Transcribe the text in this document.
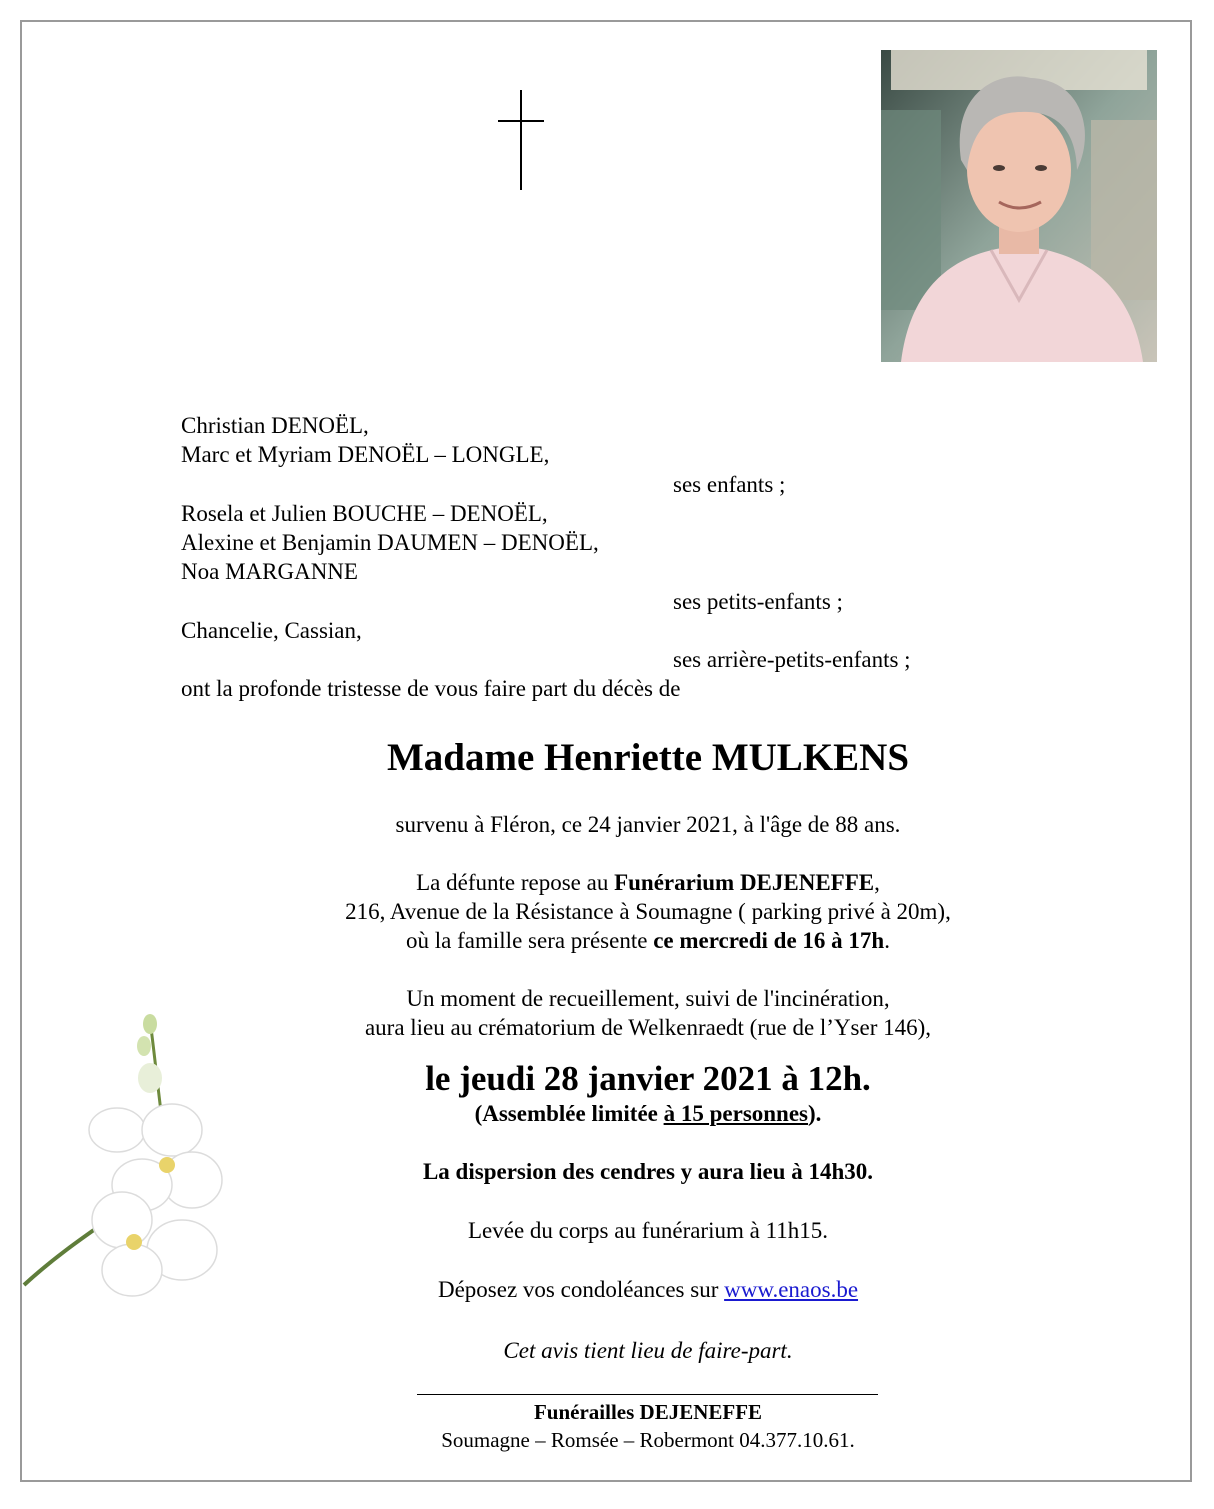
Christian DENOËL,
Marc et Myriam DENOËL – LONGLE,
ses enfants ;
Rosela et Julien BOUCHE – DENOËL,
Alexine et Benjamin DAUMEN – DENOËL,
Noa MARGANNE
ses petits-enfants ;
Chancelie, Cassian,
ses arrière-petits-enfants ;
ont la profonde tristesse de vous faire part du décès de
Madame Henriette MULKENS
survenu à Fléron, ce 24 janvier 2021, à l'âge de 88 ans.
La défunte repose au Funérarium DEJENEFFE,
216, Avenue de la Résistance à Soumagne ( parking privé à 20m),
où la famille sera présente ce mercredi de 16 à 17h.
Un moment de recueillement, suivi de l'incinération,
aura lieu au crématorium de Welkenraedt (rue de l’Yser 146),
le jeudi 28 janvier 2021 à 12h.
(Assemblée limitée à 15 personnes).
La dispersion des cendres y aura lieu à 14h30.
Levée du corps au funérarium à 11h15.
Déposez vos condoléances sur www.enaos.be
Cet avis tient lieu de faire-part.
Funérailles DEJENEFFE
Soumagne – Romsée – Robermont 04.377.10.61.
